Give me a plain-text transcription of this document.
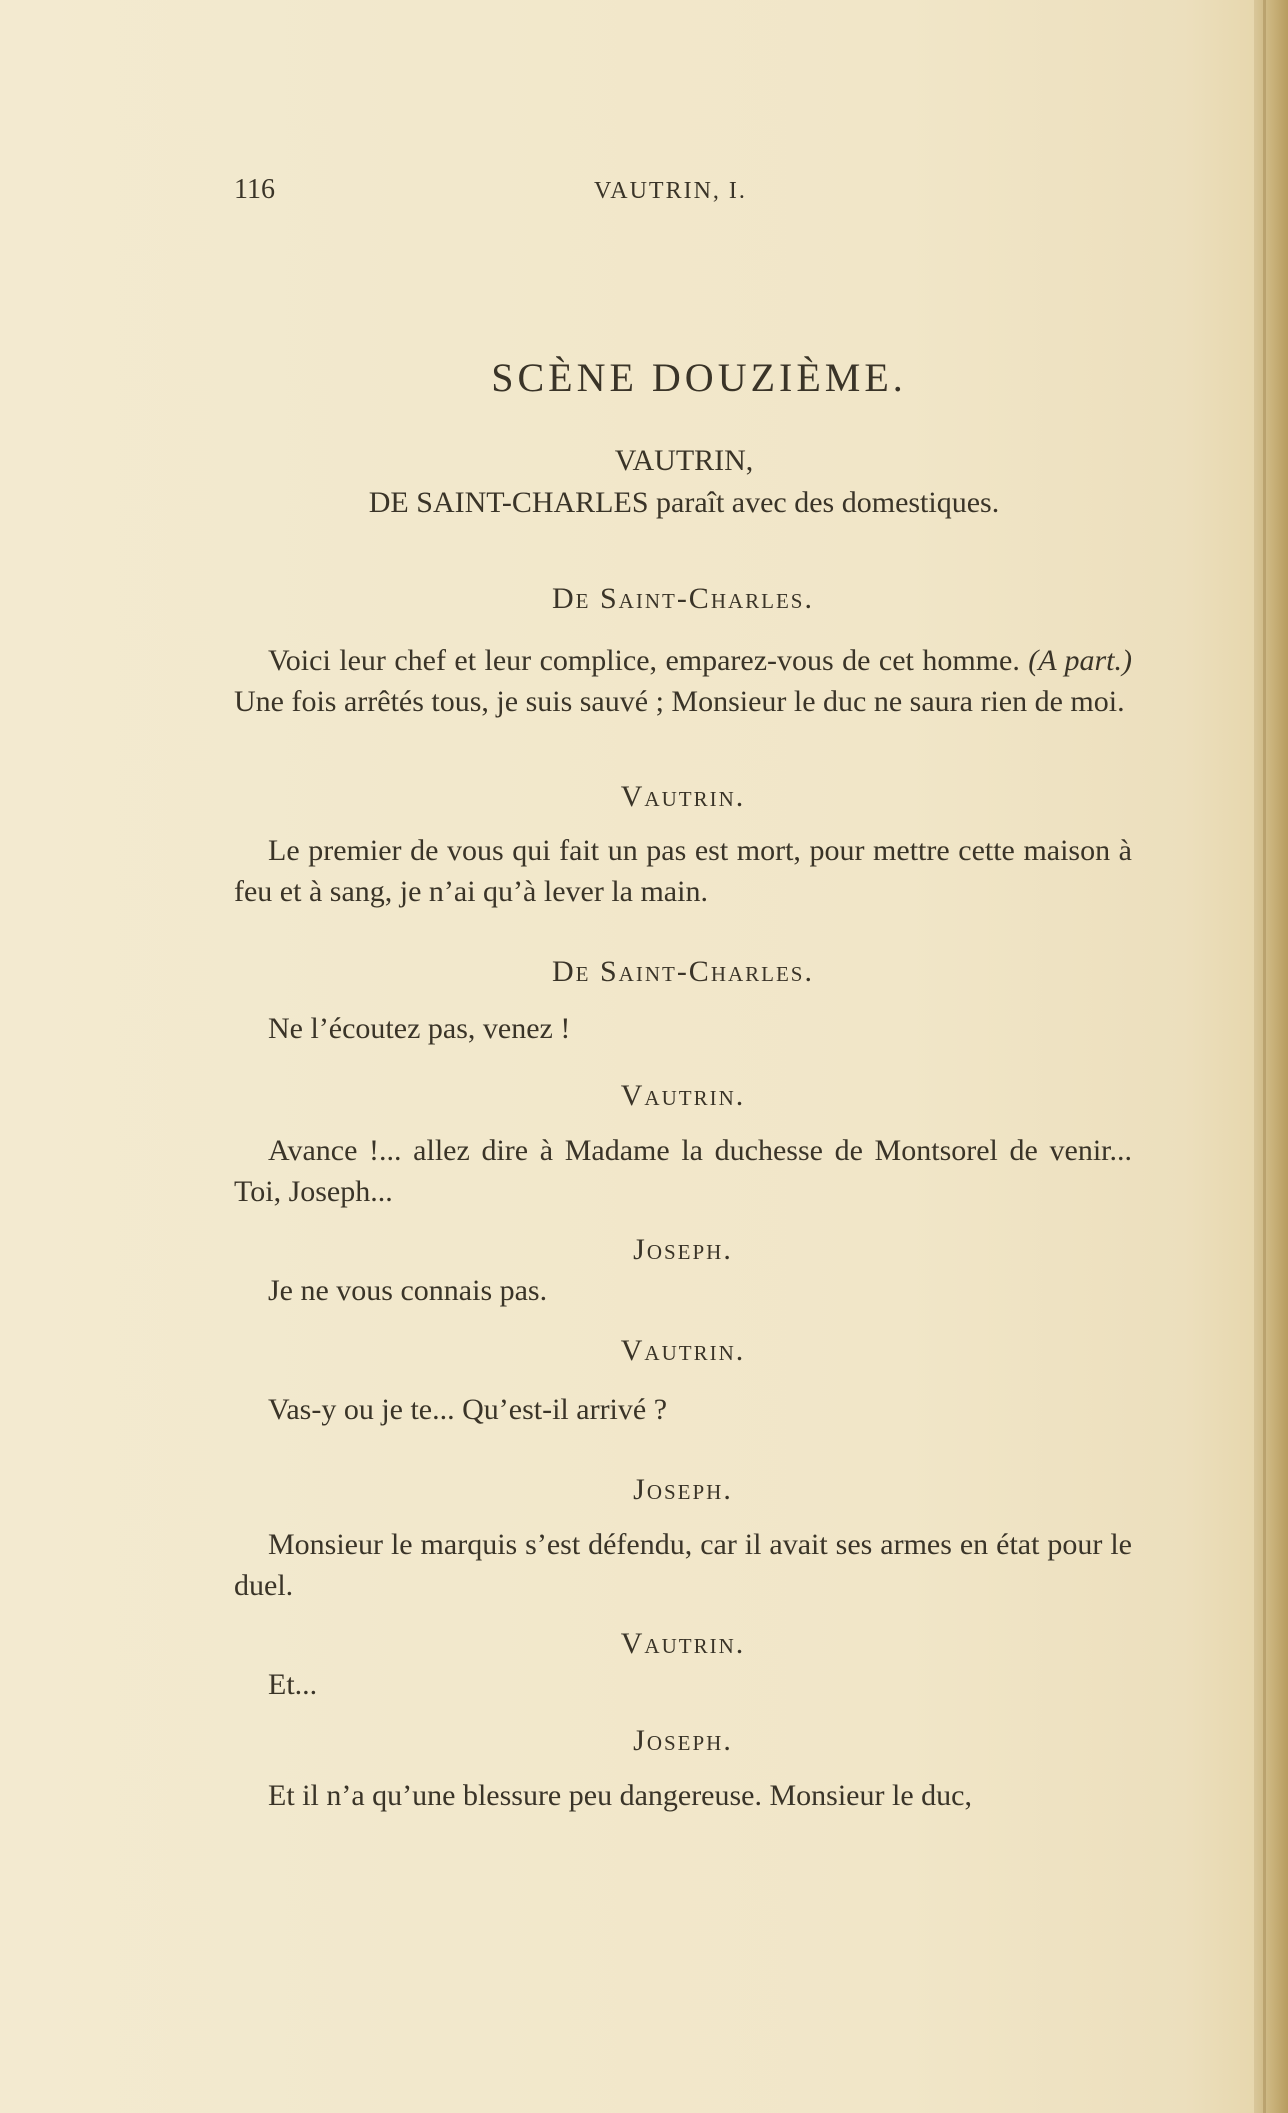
116	VAUTRIN, I.
SCÈNE DOUZIÈME.
VAUTRIN,
DE SAINT-CHARLES paraît avec des domestiques.
De Saint-Charles.
Voici leur chef et leur complice, emparez-vous de cet homme. (A part.) Une fois arrêtés tous, je suis sauvé ; Monsieur le duc ne saura rien de moi.
Vautrin.
Le premier de vous qui fait un pas est mort, pour mettre cette maison à feu et à sang, je n’ai qu’à lever la main.
De Saint-Charles.
Ne l’écoutez pas, venez !
Vautrin.
Avance !... allez dire à Madame la duchesse de Montsorel de venir... Toi, Joseph...
Joseph.
Je ne vous connais pas.
Vautrin.
Vas-y ou je te... Qu’est-il arrivé ?
Joseph.
Monsieur le marquis s’est défendu, car il avait ses armes en état pour le duel.
Vautrin.
Et...
Joseph.
Et il n’a qu’une blessure peu dangereuse. Monsieur le duc,
